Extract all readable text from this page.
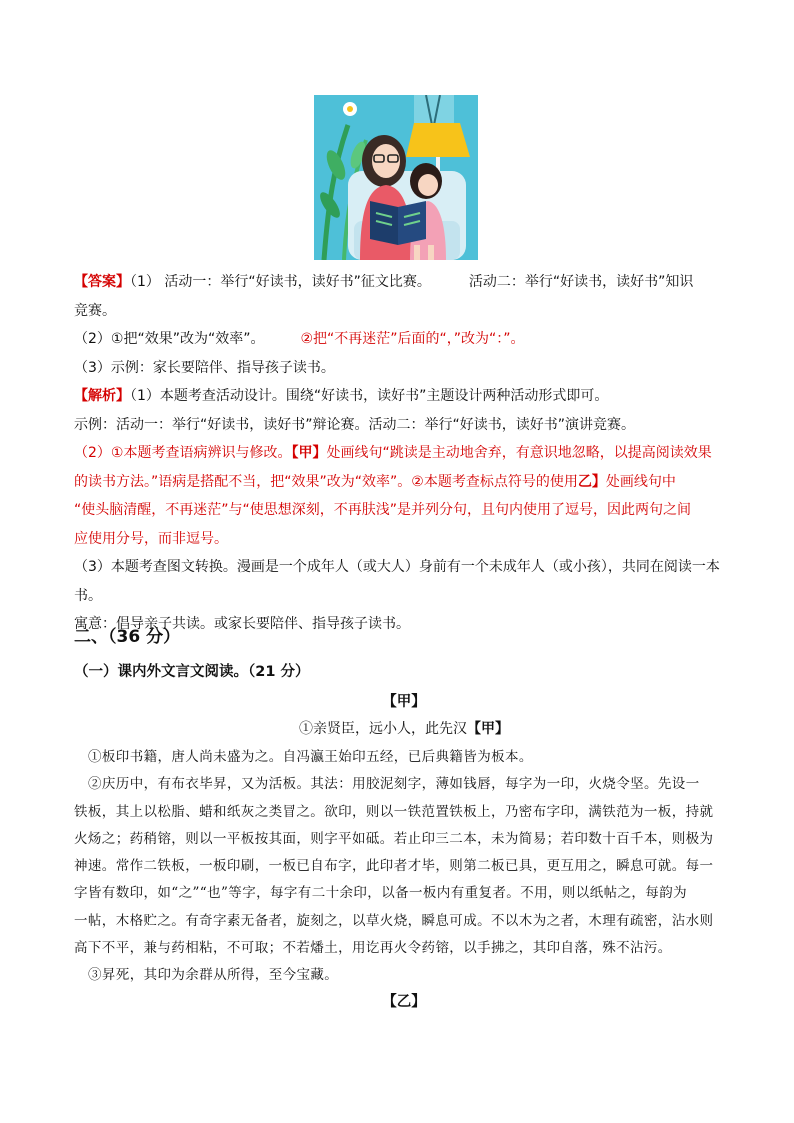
【答案】（1） 活动一：举行“好读书，读好书”征文比赛。	活动二：举行“好读书，读好书”知识
竞赛。
（2）①把“效果”改为“效率”。	②把“不再迷茫”后面的“，”改为“：”。
（3）示例：家长要陪伴、指导孩子读书。
【解析】（1）本题考查活动设计。围绕“好读书，读好书”主题设计两种活动形式即可。
示例：活动一：举行“好读书，读好书”辩论赛。活动二：举行“好读书，读好书”演讲竞赛。
（2）①本题考查语病辨识与修改。【甲】处画线句“跳读是主动地舍弃，有意识地忽略，以提高阅读效果
的读书方法。”语病是搭配不当，把“效果”改为“效率”。②本题考查标点符号的使用乙】处画线句中
“使头脑清醒，不再迷茫”与“使思想深刻，不再肤浅”是并列分句，且句内使用了逗号，因此两句之间
应使用分号，而非逗号。
（3）本题考查图文转换。漫画是一个成年人（或大人）身前有一个未成年人（或小孩），共同在阅读一本
书。
寓意：倡导亲子共读。或家长要陪伴、指导孩子读书。
二、（36 分）
（一）课内外文言文阅读。（21 分）
【甲】
①亲贤臣，远小人，此先汉【甲】
①板印书籍，唐人尚未盛为之。自冯瀛王始印五经，已后典籍皆为板本。
②庆历中，有布衣毕昇，又为活板。其法：用胶泥刻字，薄如钱唇，每字为一印，火烧令坚。先设一
铁板，其上以松脂、蜡和纸灰之类冒之。欲印，则以一铁范置铁板上，乃密布字印，满铁范为一板，持就
火炀之；药稍镕，则以一平板按其面，则字平如砥。若止印三二本，未为简易；若印数十百千本，则极为
神速。常作二铁板，一板印刷，一板已自布字，此印者才毕，则第二板已具，更互用之，瞬息可就。每一
字皆有数印，如“之”“也”等字，每字有二十余印，以备一板内有重复者。不用，则以纸帖之，每韵为
一帖，木格贮之。有奇字素无备者，旋刻之，以草火烧，瞬息可成。不以木为之者，木理有疏密，沾水则
高下不平，兼与药相粘，不可取；不若燔土，用讫再火令药镕，以手拂之，其印自落，殊不沾污。
③昇死，其印为余群从所得，至今宝藏。
【乙】
